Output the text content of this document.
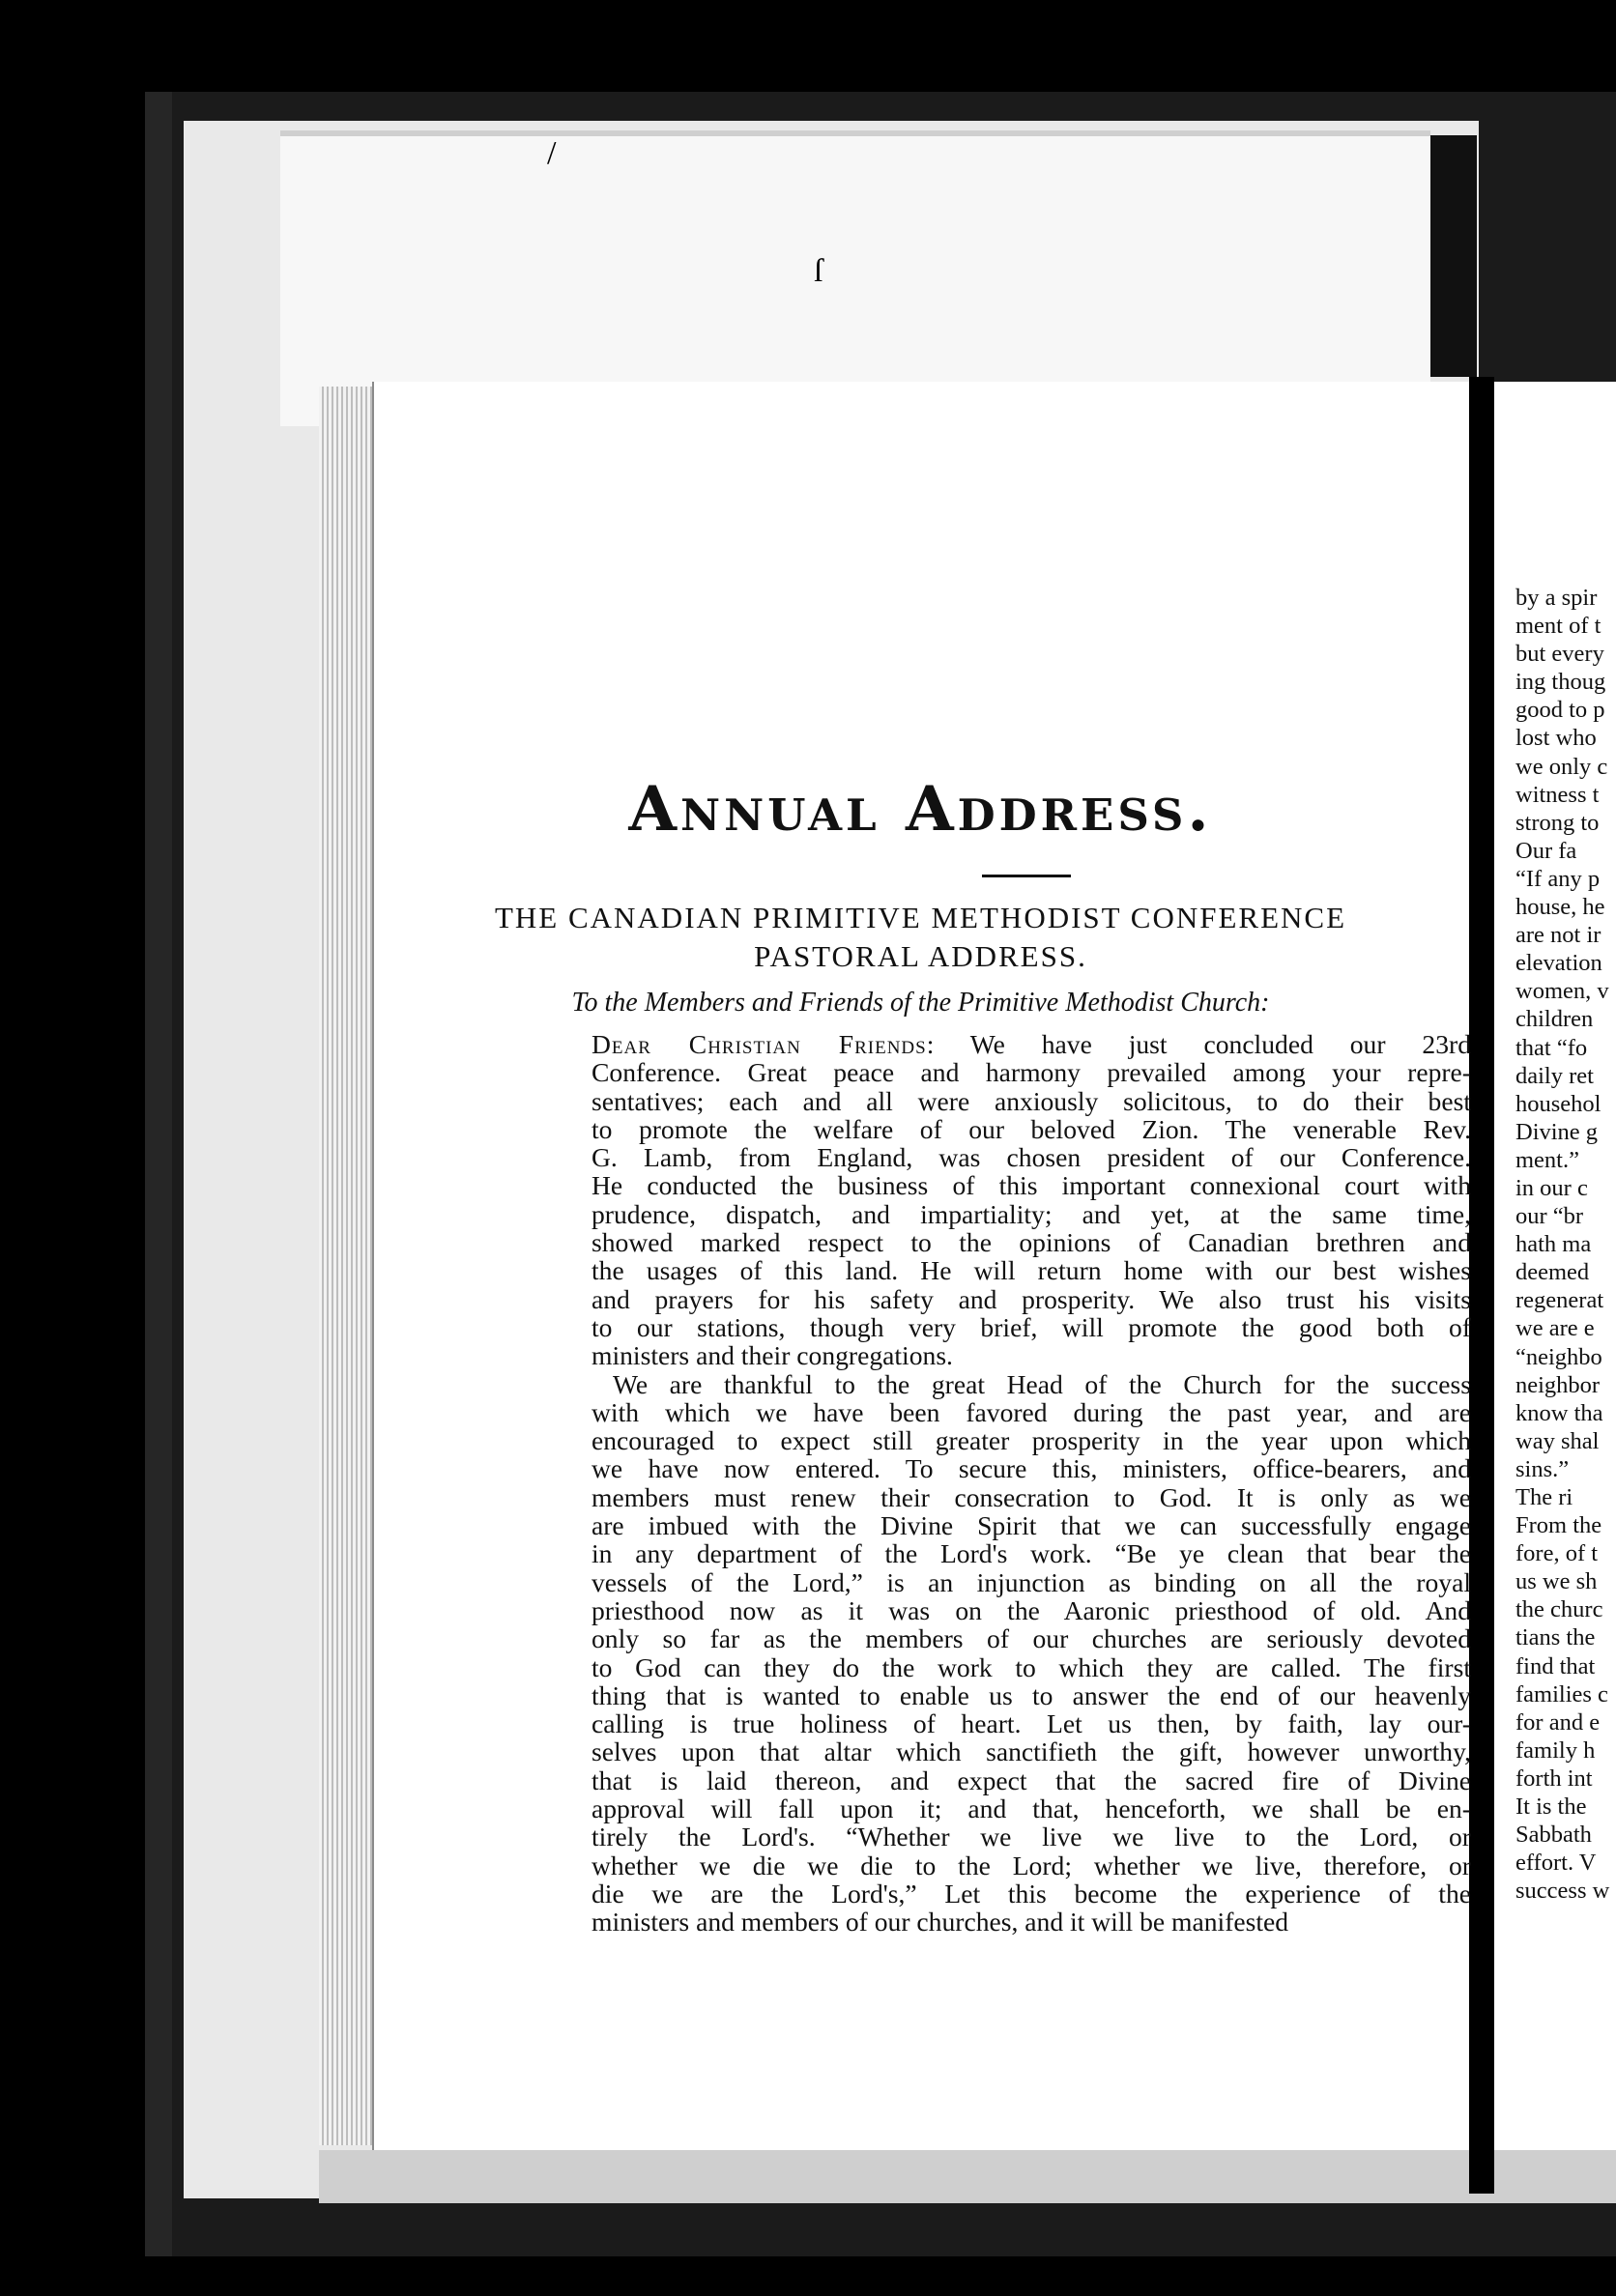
/
ſ
Annual Address.
THE CANADIAN PRIMITIVE METHODIST CONFERENCE
PASTORAL ADDRESS.
To the Members and Friends of the Primitive Methodist Church:

Dear Christian Friends: We have just concluded our 23rd

Conference. Great peace and harmony prevailed among your repre-

sentatives; each and all were anxiously solicitous, to do their best

to promote the welfare of our beloved Zion. The venerable Rev.

G. Lamb, from England, was chosen president of our Conference.

He conducted the business of this important connexional court with

prudence, dispatch, and impartiality; and yet, at the same time,

showed marked respect to the opinions of Canadian brethren and

the usages of this land. He will return home with our best wishes

and prayers for his safety and prosperity. We also trust his visits

to our stations, though very brief, will promote the good both of

ministers and their congregations.

We are thankful to the great Head of the Church for the success

with which we have been favored during the past year, and are

encouraged to expect still greater prosperity in the year upon which

we have now entered. To secure this, ministers, office-bearers, and

members must renew their consecration to God. It is only as we

are imbued with the Divine Spirit that we can successfully engage

in any department of the Lord's work. “Be ye clean that bear the

vessels of the Lord,” is an injunction as binding on all the royal

priesthood now as it was on the Aaronic priesthood of old. And

only so far as the members of our churches are seriously devoted

to God can they do the work to which they are called. The first

thing that is wanted to enable us to answer the end of our heavenly

calling is true holiness of heart. Let us then, by faith, lay our-

selves upon that altar which sanctifieth the gift, however unworthy,

that is laid thereon, and expect that the sacred fire of Divine

approval will fall upon it; and that, henceforth, we shall be en-

tirely the Lord's. “Whether we live we live to the Lord, or

whether we die we die to the Lord; whether we live, therefore, or

die we are the Lord's,” Let this become the experience of the

ministers and members of our churches, and it will be manifested

by a spir
ment of t
but every
ing thoug
good to p
lost who
we only c
witness t
strong to
Our fa
“If any p
house, he
are not ir
elevation
women, v
children
that “fo
daily ret
househol
Divine g
ment.”
in our c
our “br
hath ma
deemed
regenerat
we are e
“neighbo
neighbor
know tha
way shal
sins.”
The ri
From the
fore, of t
us we sh
the churc
tians the
find that
families c
for and e
family h
forth int
It is the
Sabbath
effort. V
success w
